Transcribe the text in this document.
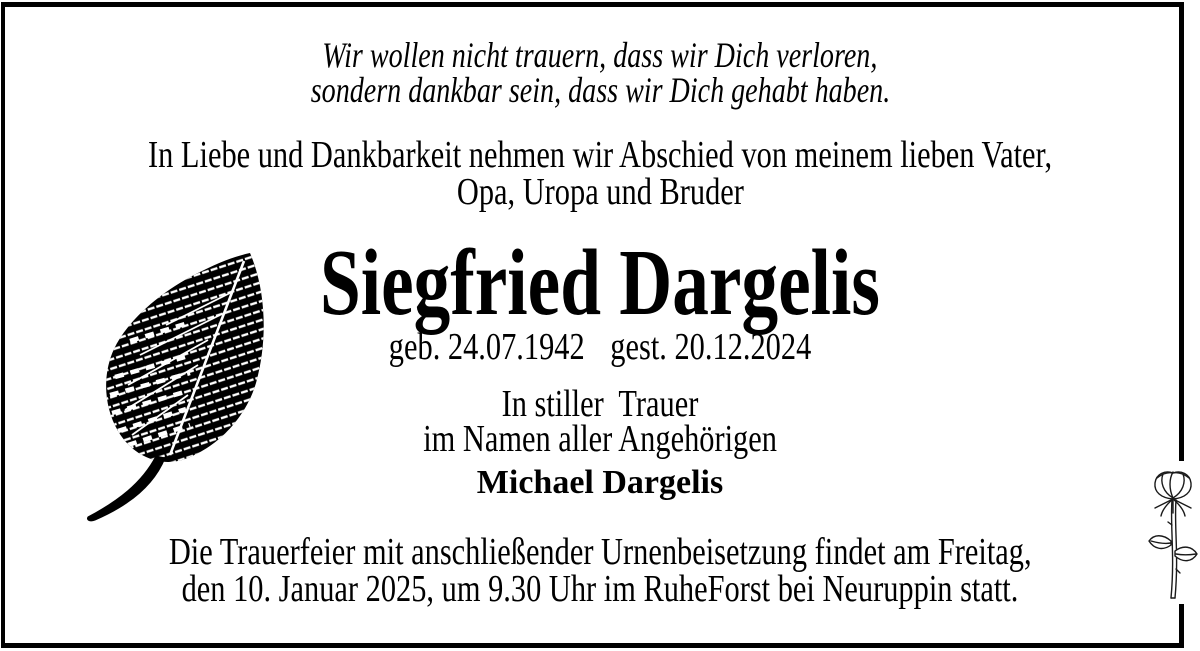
Wir wollen nicht trauern, dass wir Dich verloren,
sondern dankbar sein, dass wir Dich gehabt haben.
In Liebe und Dankbarkeit nehmen wir Abschied von meinem lieben Vater,
Opa, Uropa und Bruder
Siegfried Dargelis
geb. 24.07.1942 gest. 20.12.2024
In stiller  Trauer
im Namen aller Angehörigen
Michael Dargelis
Die Trauerfeier mit anschließender Urnenbeisetzung findet am Freitag,
den 10. Januar 2025, um 9.30 Uhr im RuheForst bei Neuruppin statt.
